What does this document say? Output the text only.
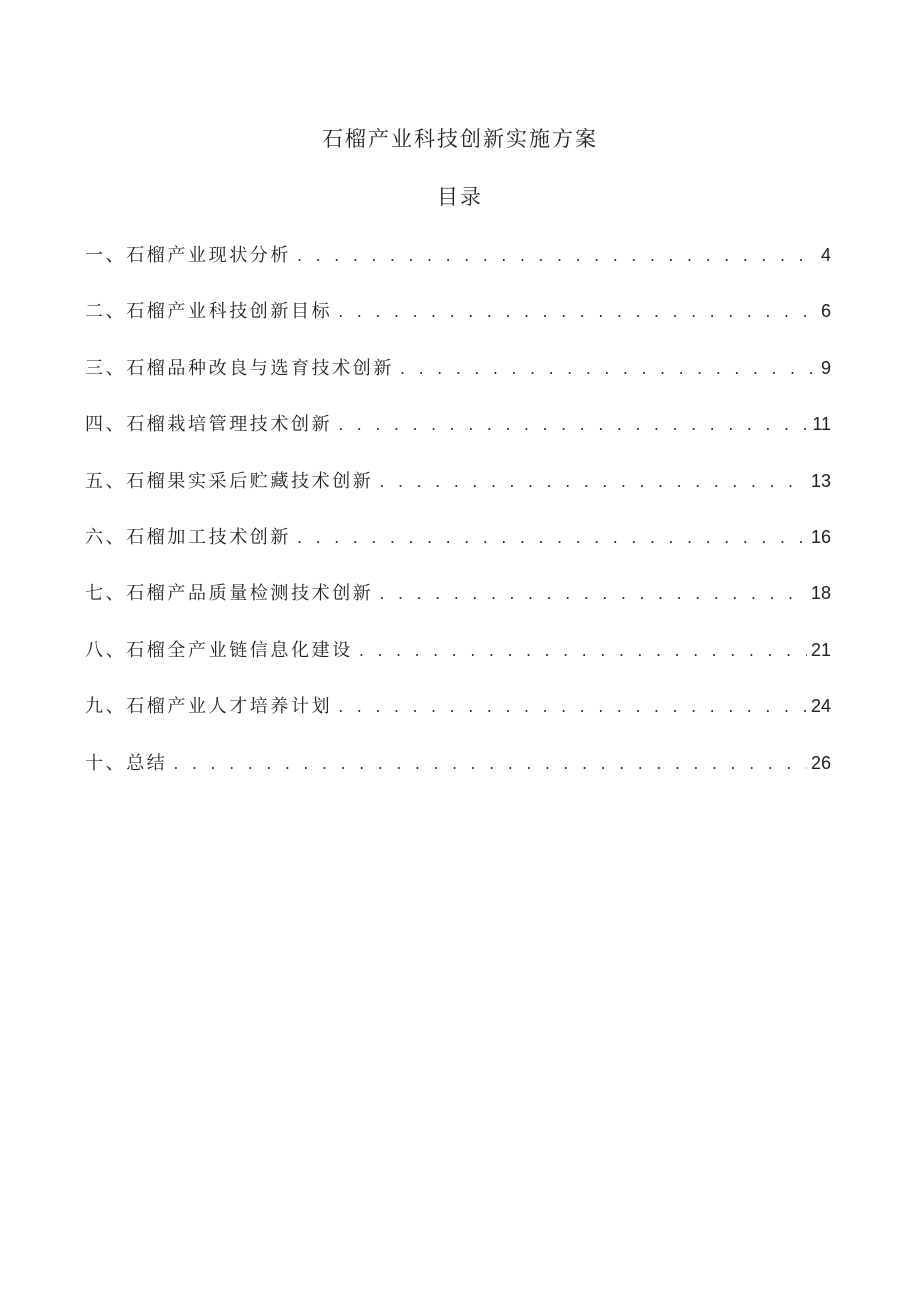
石榴产业科技创新实施方案
目录
一、石榴产业现状分析 . . .	4
二、石榴产业科技创新目标 . . .	6
三、石榴品种改良与选育技术创新 . . .	9
四、石榴栽培管理技术创新 . . .	11
五、石榴果实采后贮藏技术创新 . . .	13
六、石榴加工技术创新 . . .	16
七、石榴产品质量检测技术创新 . . .	18
八、石榴全产业链信息化建设 . . .	21
九、石榴产业人才培养计划 . . .	24
十、总结 . . .	26
